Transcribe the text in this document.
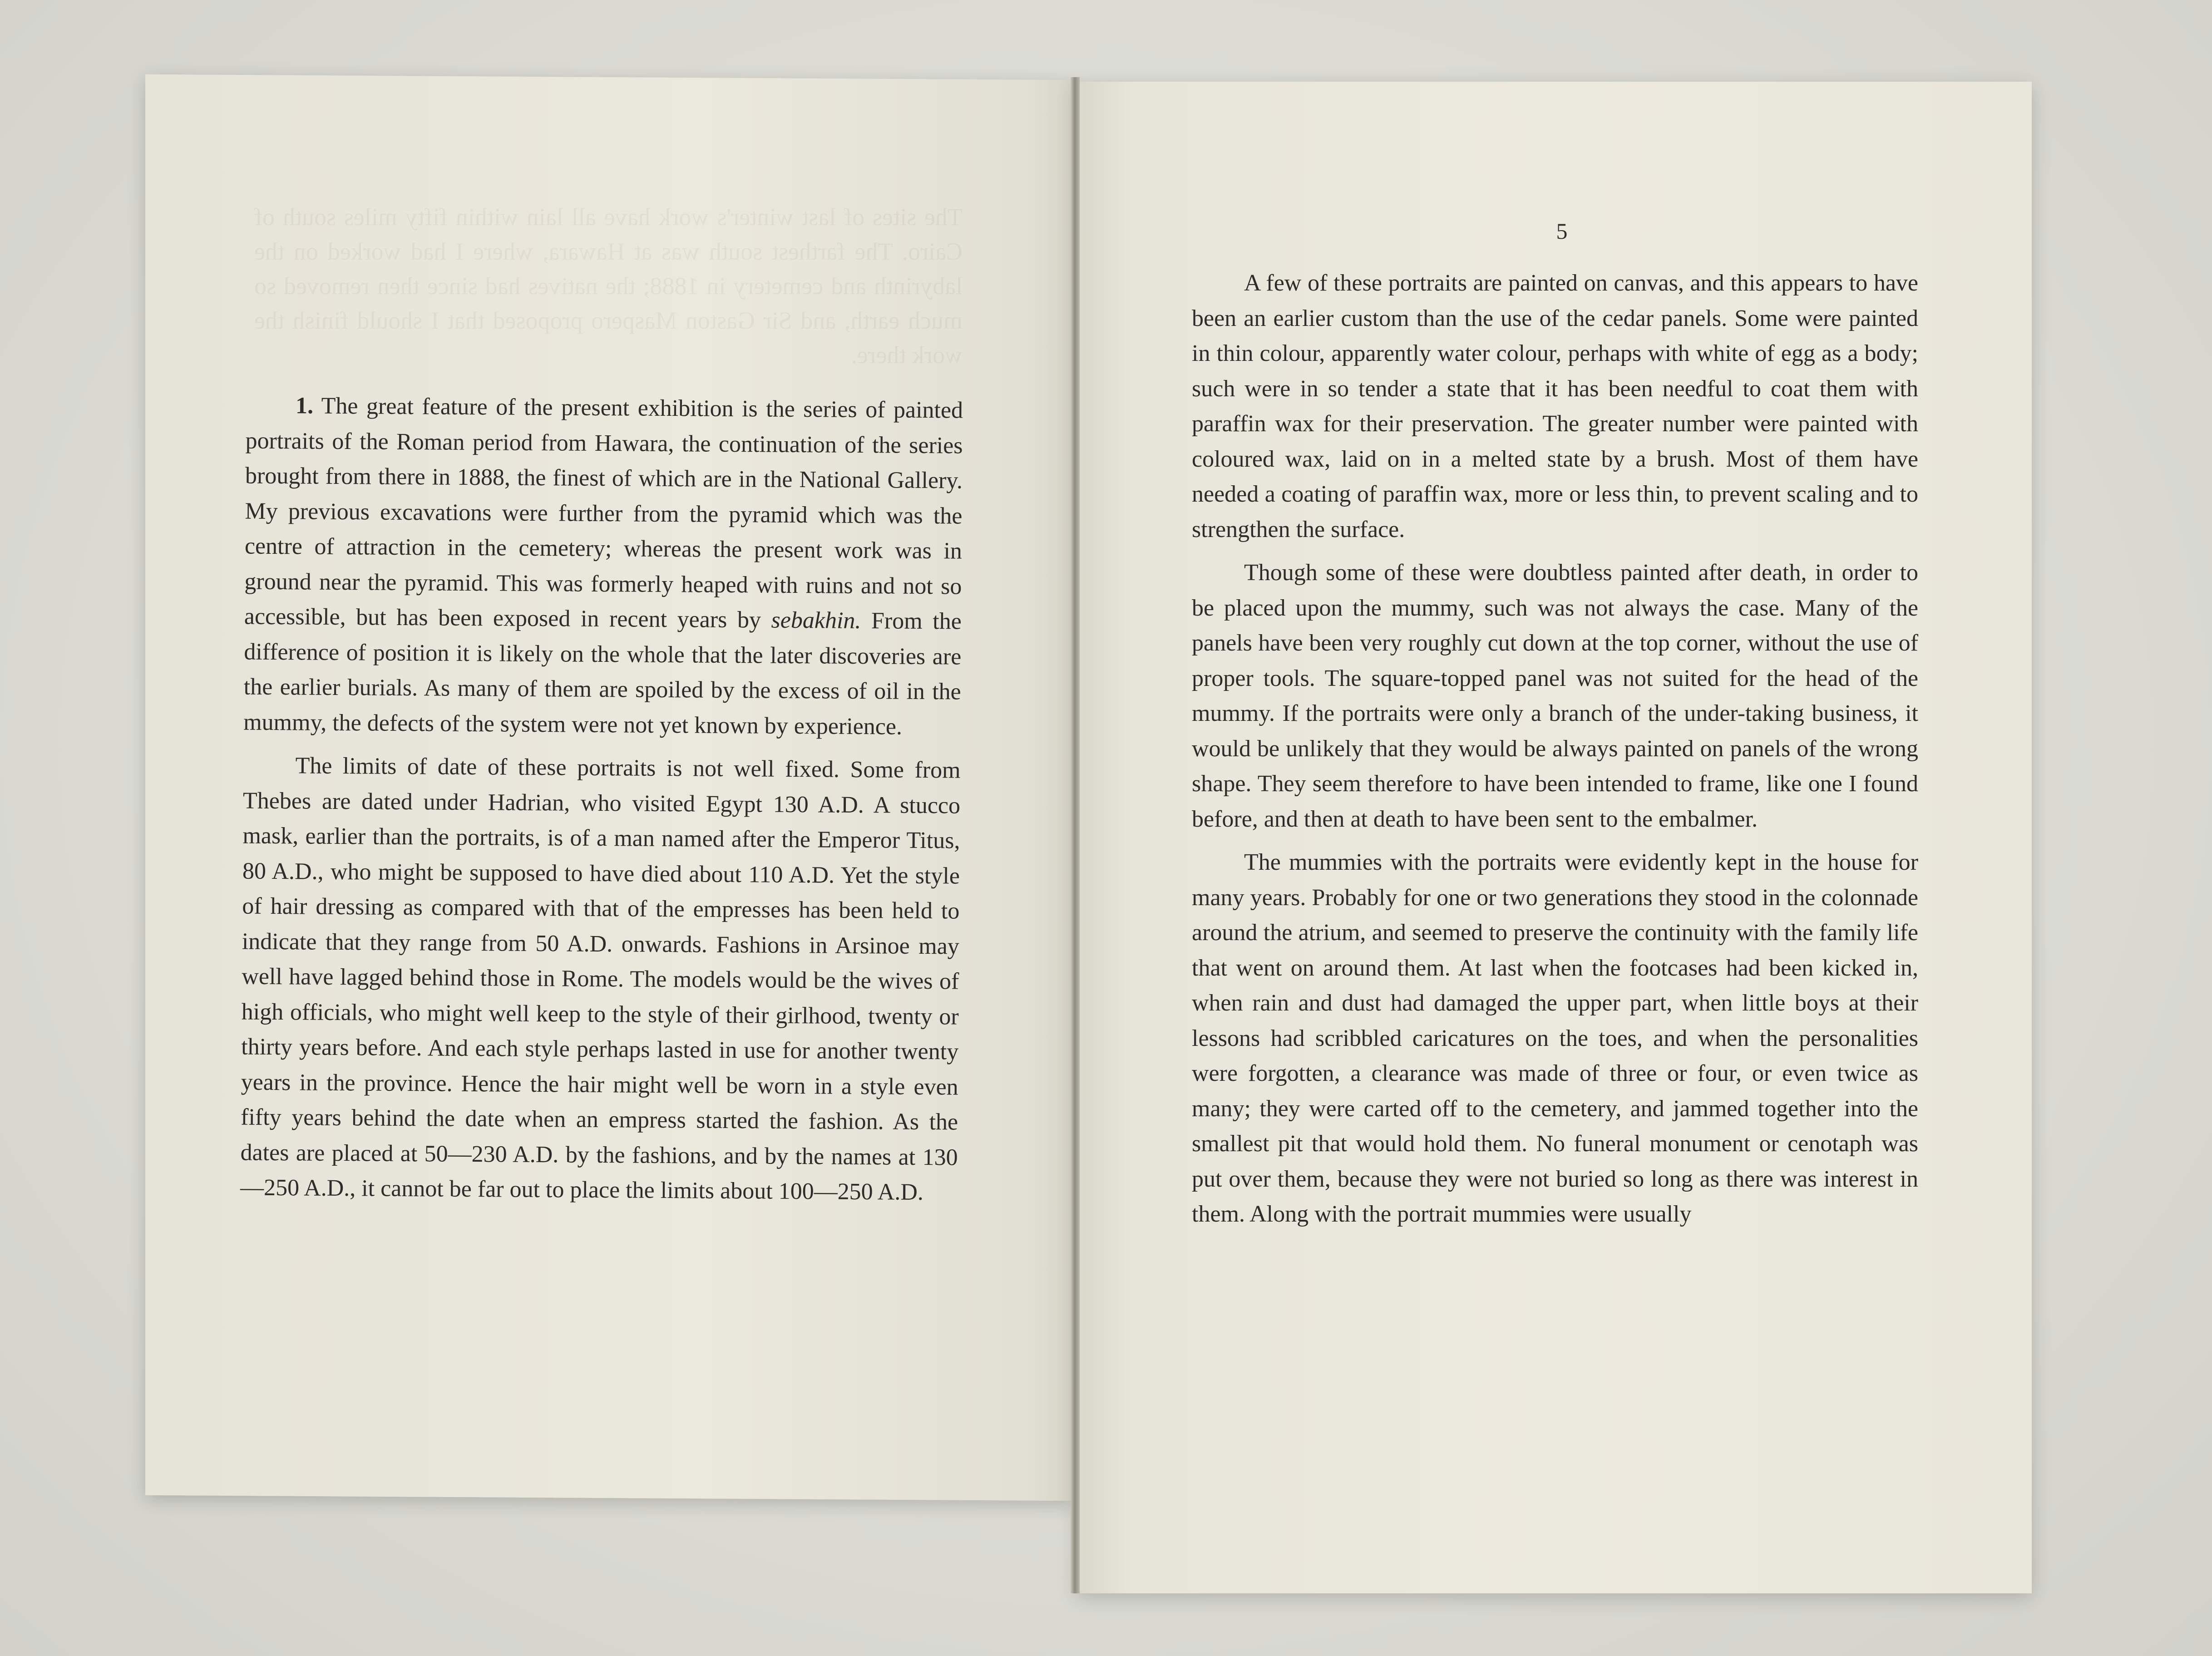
The sites of last winter's work have all lain within fifty miles south of Cairo. The farthest south was at Hawara, where I had worked on the labyrinth and cemetery in 1888; the natives had since then removed so much earth, and Sir Gaston Maspero proposed that I should finish the work there.

1. The great feature of the present exhibition is the series of painted portraits of the Roman period from Hawara, the continuation of the series brought from there in 1888, the finest of which are in the National Gallery. My previous excavations were further from the pyramid which was the centre of attraction in the cemetery; whereas the present work was in ground near the pyramid. This was formerly heaped with ruins and not so accessible, but has been exposed in recent years by sebakhin. From the difference of position it is likely on the whole that the later discoveries are the earlier burials. As many of them are spoiled by the excess of oil in the mummy, the defects of the system were not yet known by experience.

The limits of date of these portraits is not well fixed. Some from Thebes are dated under Hadrian, who visited Egypt 130 A.D. A stucco mask, earlier than the portraits, is of a man named after the Emperor Titus, 80 A.D., who might be supposed to have died about 110 A.D. Yet the style of hair dressing as compared with that of the empresses has been held to indicate that they range from 50 A.D. onwards. Fashions in Arsinoe may well have lagged behind those in Rome. The models would be the wives of high officials, who might well keep to the style of their girlhood, twenty or thirty years before. And each style perhaps lasted in use for another twenty years in the province. Hence the hair might well be worn in a style even fifty years behind the date when an empress started the fashion. As the dates are placed at 50—230 A.D. by the fashions, and by the names at 130—250 A.D., it cannot be far out to place the limits about 100—250 A.D.

5

A few of these portraits are painted on canvas, and this appears to have been an earlier custom than the use of the cedar panels. Some were painted in thin colour, apparently water colour, perhaps with white of egg as a body; such were in so tender a state that it has been needful to coat them with paraffin wax for their preservation. The greater number were painted with coloured wax, laid on in a melted state by a brush. Most of them have needed a coating of paraffin wax, more or less thin, to prevent scaling and to strengthen the surface.

Though some of these were doubtless painted after death, in order to be placed upon the mummy, such was not always the case. Many of the panels have been very roughly cut down at the top corner, without the use of proper tools. The square-topped panel was not suited for the head of the mummy. If the portraits were only a branch of the under-taking business, it would be unlikely that they would be always painted on panels of the wrong shape. They seem therefore to have been intended to frame, like one I found before, and then at death to have been sent to the embalmer.

The mummies with the portraits were evidently kept in the house for many years. Probably for one or two generations they stood in the colonnade around the atrium, and seemed to preserve the continuity with the family life that went on around them. At last when the footcases had been kicked in, when rain and dust had damaged the upper part, when little boys at their lessons had scribbled caricatures on the toes, and when the personalities were forgotten, a clearance was made of three or four, or even twice as many; they were carted off to the cemetery, and jammed together into the smallest pit that would hold them. No funeral monument or cenotaph was put over them, because they were not buried so long as there was interest in them. Along with the portrait mummies were usually
